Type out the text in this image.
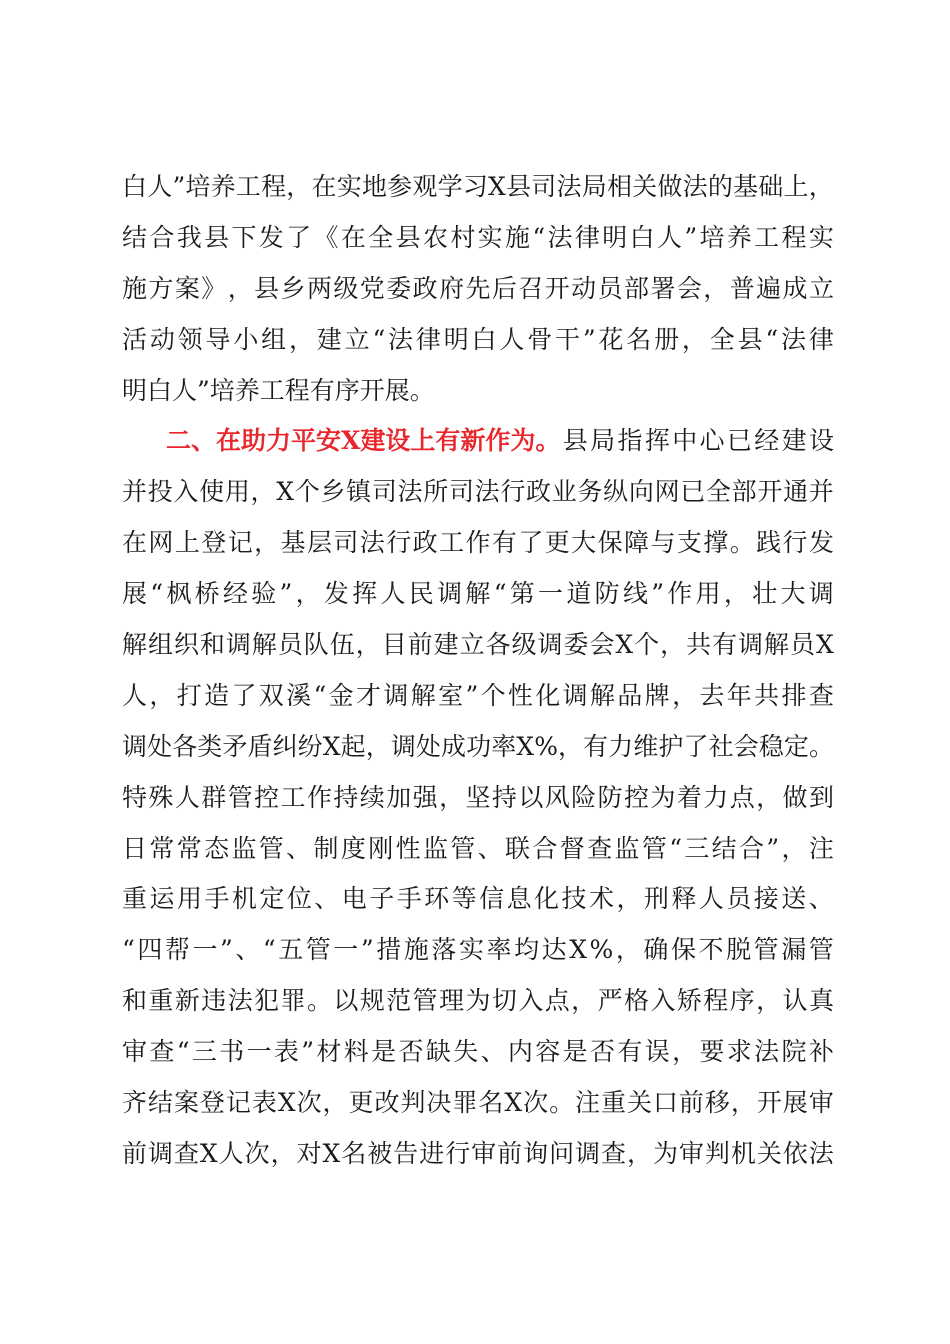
白 人 ” 培 养 工 程 ， 在 实 地 参 观 学 习 X 县 司 法 局 相 关 做 法 的 基 础 上 ，
结 合 我 县 下 发 了 《 在 全 县 农 村 实 施 “ 法 律 明 白 人 ” 培 养 工 程 实
施 方 案 》 ， 县 乡 两 级 党 委 政 府 先 后 召 开 动 员 部 署 会 ， 普 遍 成 立
活 动 领 导 小 组 ， 建 立 “ 法 律 明 白 人 骨 干 ” 花 名 册 ， 全 县 “ 法 律
明白人”培养工程有序开展。
二、在助力平安X建设上有新作为。 县 局 指 挥 中 心 已 经 建 设
并 投 入 使 用 ， X 个 乡 镇 司 法 所 司 法 行 政 业 务 纵 向 网 已 全 部 开 通 并
在 网 上 登 记 ， 基 层 司 法 行 政 工 作 有 了 更 大 保 障 与 支 撑 。 践 行 发
展 “ 枫 桥 经 验 ” ， 发 挥 人 民 调 解 “ 第 一 道 防 线 ” 作 用 ， 壮 大 调
解 组 织 和 调 解 员 队 伍 ， 目 前 建 立 各 级 调 委 会 X 个 ， 共 有 调 解 员 X
人 ， 打 造 了 双 溪 “ 金 才 调 解 室 ” 个 性 化 调 解 品 牌 ， 去 年 共 排 查
调 处 各 类 矛 盾 纠 纷 X 起 ， 调 处 成 功 率 X % ， 有 力 维 护 了 社 会 稳 定 。
特 殊 人 群 管 控 工 作 持 续 加 强 ， 坚 持 以 风 险 防 控 为 着 力 点 ， 做 到
日 常 常 态 监 管 、 制 度 刚 性 监 管 、 联 合 督 查 监 管 “ 三 结 合 ” ， 注
重 运 用 手 机 定 位 、 电 子 手 环 等 信 息 化 技 术 ， 刑 释 人 员 接 送 、
“ 四 帮 一 ” 、 “ 五 管 一 ” 措 施 落 实 率 均 达 X % ， 确 保 不 脱 管 漏 管
和 重 新 违 法 犯 罪 。 以 规 范 管 理 为 切 入 点 ， 严 格 入 矫 程 序 ， 认 真
审 查 “ 三 书 一 表 ” 材 料 是 否 缺 失 、 内 容 是 否 有 误 ， 要 求 法 院 补
齐 结 案 登 记 表 X 次 ， 更 改 判 决 罪 名 X 次 。 注 重 关 口 前 移 ， 开 展 审
前 调 查 X 人 次 ， 对 X 名 被 告 进 行 审 前 询 问 调 查 ， 为 审 判 机 关 依 法
